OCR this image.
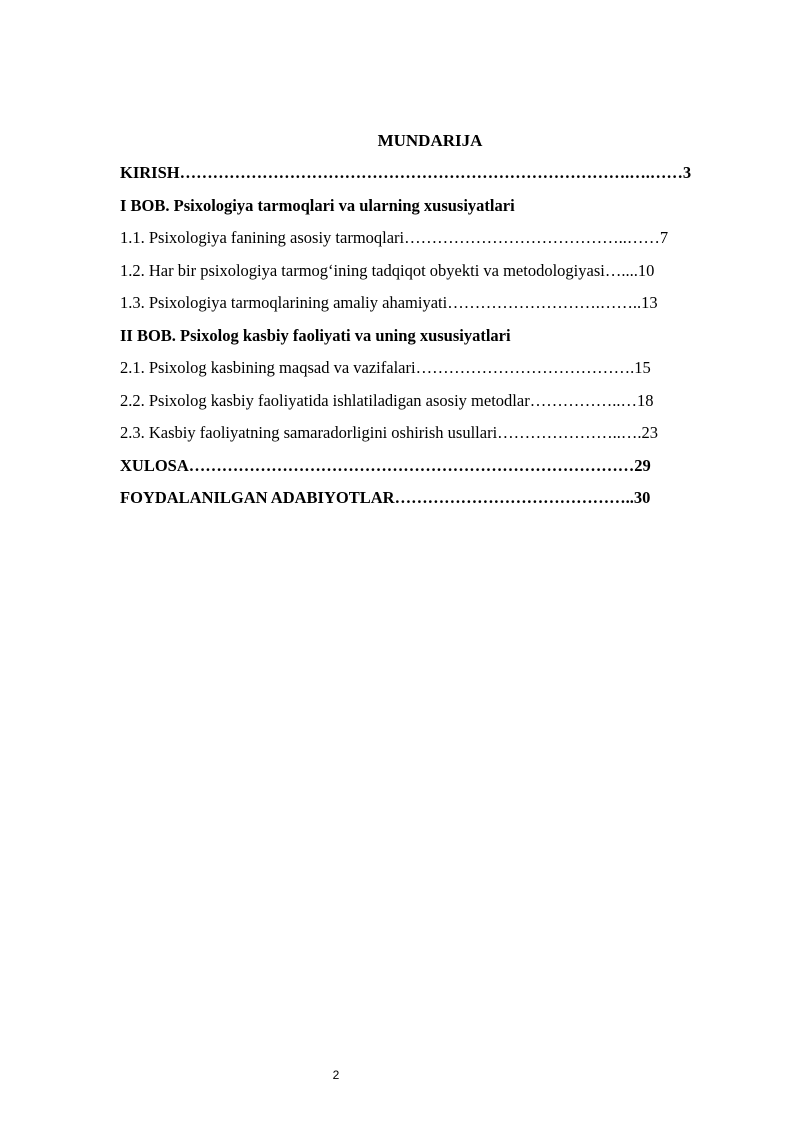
MUNDARIJA
KIRISH……………………………………………………………………….….……3
I BOB. Psixologiya tarmoqlari va ularning xususiyatlari
1.1. Psixologiya fanining asosiy tarmoqlari…………………………………..……7
1.2. Har bir psixologiya tarmog‘ining tadqiqot obyekti va metodologiyasi…....10
1.3. Psixologiya tarmoqlarining amaliy ahamiyati……………………….……..13
II BOB. Psixolog kasbiy faoliyati va uning xususiyatlari
2.1. Psixolog kasbining maqsad va vazifalari………………………………….15
2.2. Psixolog kasbiy faoliyatida ishlatiladigan asosiy metodlar……………..…18
2.3. Kasbiy faoliyatning samaradorligini oshirish usullari…………………..….23
XULOSA………………………………………………………………………29
FOYDALANILGAN ADABIYOTLAR……………………………………..30
2
